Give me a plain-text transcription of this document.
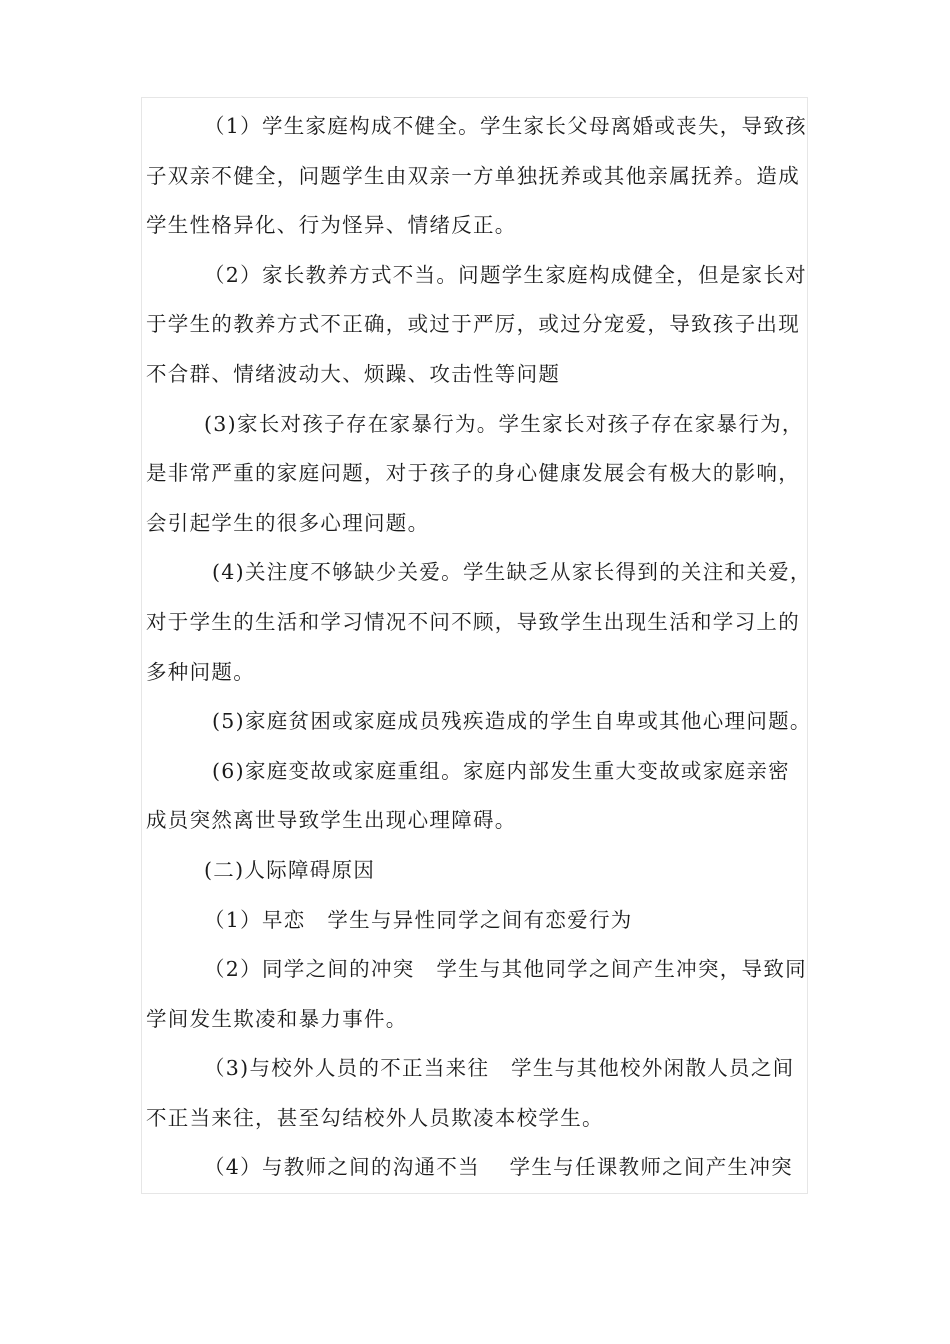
（1）学生家庭构成不健全。学生家长父母离婚或丧失，导致孩
子双亲不健全，问题学生由双亲一方单独抚养或其他亲属抚养。造成
学生性格异化、行为怪异、情绪反正。
（2）家长教养方式不当。问题学生家庭构成健全，但是家长对
于学生的教养方式不正确，或过于严厉，或过分宠爱，导致孩子出现
不合群、情绪波动大、烦躁、攻击性等问题
(3)家长对孩子存在家暴行为。学生家长对孩子存在家暴行为，
是非常严重的家庭问题，对于孩子的身心健康发展会有极大的影响，
会引起学生的很多心理问题。
(4)关注度不够缺少关爱。学生缺乏从家长得到的关注和关爱，
对于学生的生活和学习情况不问不顾，导致学生出现生活和学习上的
多种问题。
(5)家庭贫困或家庭成员残疾造成的学生自卑或其他心理问题。
(6)家庭变故或家庭重组。家庭内部发生重大变故或家庭亲密
成员突然离世导致学生出现心理障碍。
(二)人际障碍原因
（1）早恋　学生与异性同学之间有恋爱行为
（2）同学之间的冲突　学生与其他同学之间产生冲突，导致同
学间发生欺凌和暴力事件。
（3)与校外人员的不正当来往　学生与其他校外闲散人员之间
不正当来往，甚至勾结校外人员欺凌本校学生。
（4）与教师之间的沟通不当　 学生与任课教师之间产生冲突
